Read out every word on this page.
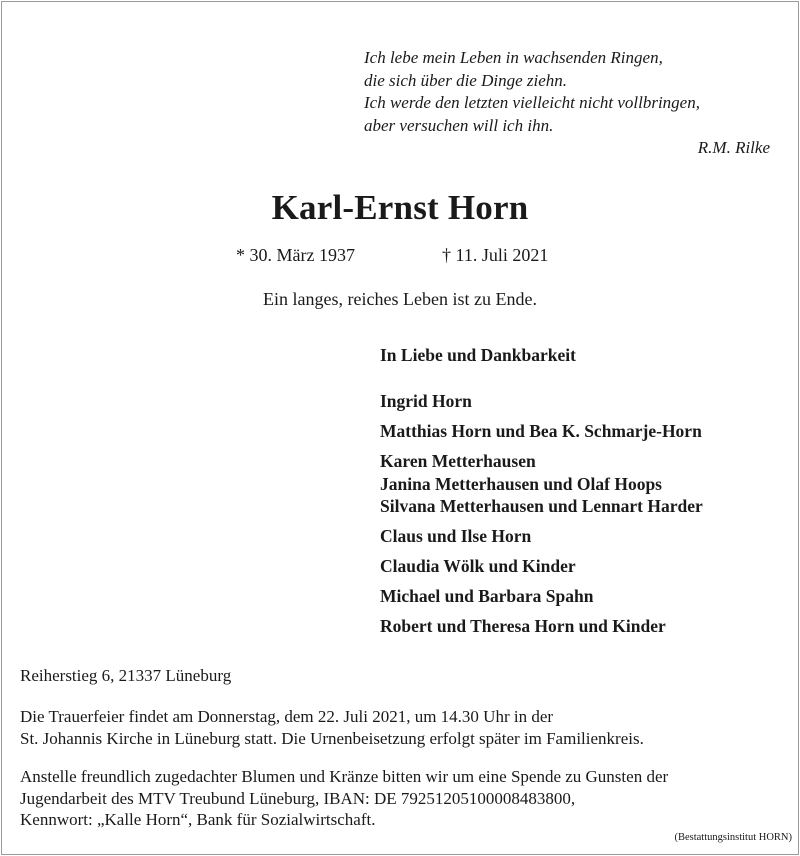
Ich lebe mein Leben in wachsenden Ringen,
die sich über die Dinge ziehn.
Ich werde den letzten vielleicht nicht vollbringen,
aber versuchen will ich ihn.
R.M. Rilke
Karl-Ernst Horn
* 30. März 1937	† 11. Juli 2021
Ein langes, reiches Leben ist zu Ende.
In Liebe und Dankbarkeit
Ingrid Horn
Matthias Horn und Bea K. Schmarje-Horn
Karen Metterhausen
Janina Metterhausen und Olaf Hoops
Silvana Metterhausen und Lennart Harder
Claus und Ilse Horn
Claudia Wölk und Kinder
Michael und Barbara Spahn
Robert und Theresa Horn und Kinder
Reiherstieg 6, 21337 Lüneburg
Die Trauerfeier findet am Donnerstag, dem 22. Juli 2021, um 14.30 Uhr in der
St. Johannis Kirche in Lüneburg statt. Die Urnenbeisetzung erfolgt später im Familienkreis.
Anstelle freundlich zugedachter Blumen und Kränze bitten wir um eine Spende zu Gunsten der
Jugendarbeit des MTV Treubund Lüneburg, IBAN: DE 79251205100008483800,
Kennwort: „Kalle Horn“, Bank für Sozialwirtschaft.
(Bestattungsinstitut HORN)
